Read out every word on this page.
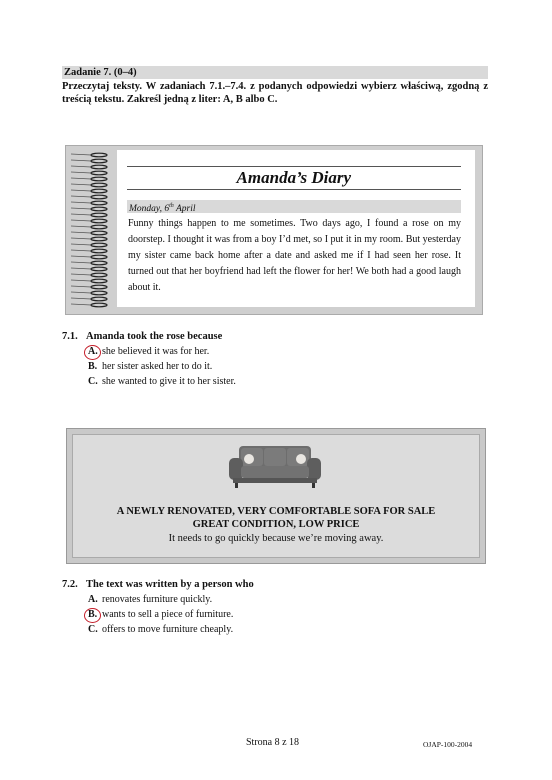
Zadanie 7. (0–4)
Przeczytaj teksty. W zadaniach 7.1.–7.4. z podanych odpowiedzi wybierz właściwą, zgodną z treścią tekstu. Zakreśl jedną z liter: A, B albo C.
Amanda’s Diary
Monday, 6th April
Funny things happen to me sometimes. Two days ago, I found a rose on my doorstep. I thought it was from a boy I’d met, so I put it in my room. But yesterday my sister came back home after a date and asked me if I had seen her rose. It turned out that her boyfriend had left the flower for her! We both had a good laugh about it.
7.1. Amanda took the rose because
A. she believed it was for her.
B. her sister asked her to do it.
C. she wanted to give it to her sister.
A NEWLY RENOVATED, VERY COMFORTABLE SOFA FOR SALE
GREAT CONDITION, LOW PRICE
It needs to go quickly because we’re moving away.
7.2. The text was written by a person who
A. renovates furniture quickly.
B. wants to sell a piece of furniture.
C. offers to move furniture cheaply.
Strona 8 z 18	OJAP-100-2004
